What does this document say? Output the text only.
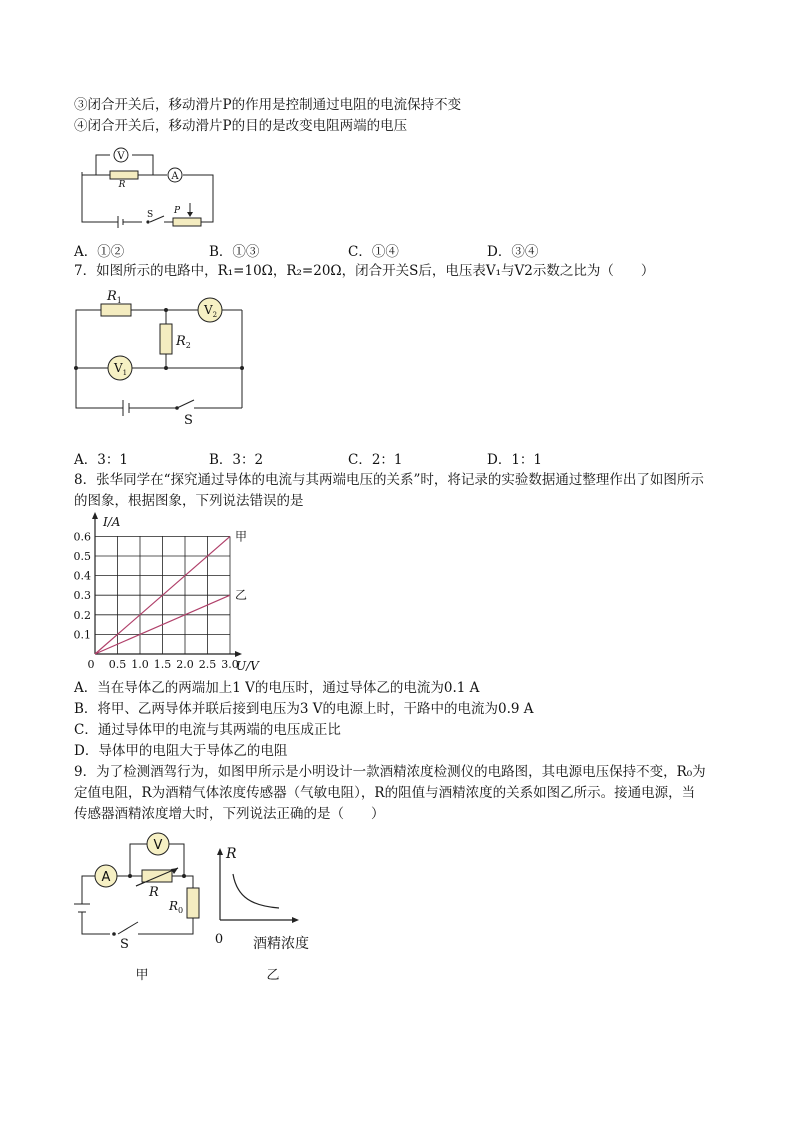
③闭合开关后，移动滑片P的作用是控制通过电阻的电流保持不变
④闭合开关后，移动滑片P的目的是改变电阻两端的电压
V
A
R
S P
A．①②	B．①③	C．①④	D．③④
7．如图所示的电路中，R₁=10Ω，R₂=20Ω，闭合开关S后，电压表V₁与V2示数之比为（　　）
$R_1$
$R_2$
$V_2$
$V_1$
S
A．3：1	B．3：2	C．2：1	D．1：1
8．张华同学在“探究通过导体的电流与其两端电压的关系”时，将记录的实验数据通过整理作出了如图所示
的图象，根据图象，下列说法错误的是
0.1
0.2
0.3
0.4
0.5
0.6
0.5 1.0 1.5 2.0 2.5 3.0
I/A
U/V
甲
乙
0
A．当在导体乙的两端加上1 V的电压时，通过导体乙的电流为0.1 A
B．将甲、乙两导体并联后接到电压为3 V的电源上时，干路中的电流为0.9 A
C．通过导体甲的电流与其两端的电压成正比
D．导体甲的电阻大于导体乙的电阻
9．为了检测酒驾行为，如图甲所示是小明设计一款酒精浓度检测仪的电路图，其电源电压保持不变，R₀为
定值电阻，R为酒精气体浓度传感器（气敏电阻），R的阻值与酒精浓度的关系如图乙所示。接通电源，当
传感器酒精浓度增大时，下列说法正确的是（　　）
A
V
R
$R_0$
S
甲
R
0 酒精浓度
乙
